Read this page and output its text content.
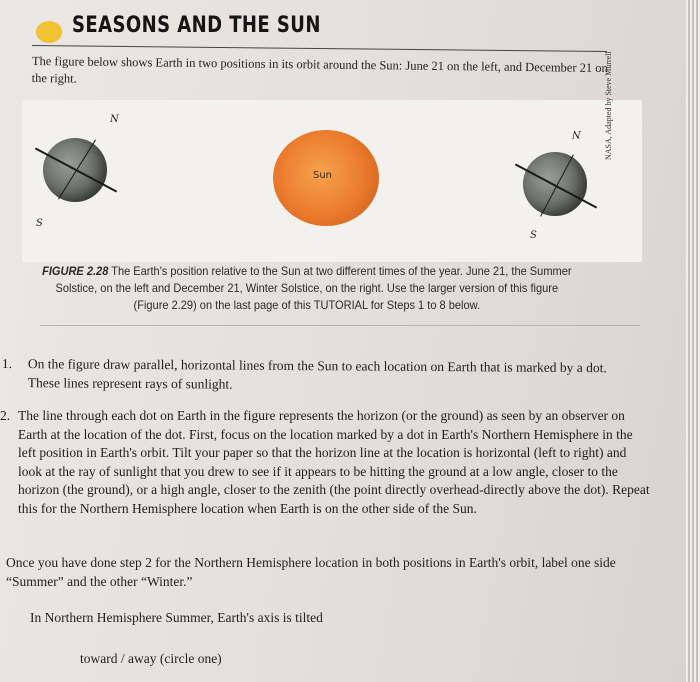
SEASONS AND THE SUN
The figure below shows Earth in two positions in its orbit around the Sun: June 21 on the left, and December 21 on the right.
N
S
Sun
N
S
NASA, Adapted by Steve Murrell
FIGURE 2.28 The Earth's position relative to the Sun at two different times of the year. June 21, the Summer Solstice, on the left and December 21, Winter Solstice, on the right. Use the larger version of this figure (Figure 2.29) on the last page of this TUTORIAL for Steps 1 to 8 below.
1.	On the figure draw parallel, horizontal lines from the Sun to each location on Earth that is marked by a dot. These lines represent rays of sunlight.
2. The line through each dot on Earth in the figure represents the horizon (or the ground) as seen by an observer on Earth at the location of the dot. First, focus on the location marked by a dot in Earth's Northern Hemisphere in the left position in Earth's orbit. Tilt your paper so that the horizon line at the location is horizontal (left to right) and look at the ray of sunlight that you drew to see if it appears to be hitting the ground at a low angle, closer to the horizon (the ground), or a high angle, closer to the zenith (the point directly overhead-directly above the dot). Repeat this for the Northern Hemisphere location when Earth is on the other side of the Sun.
Once you have done step 2 for the Northern Hemisphere location in both positions in Earth's orbit, label one side “Summer” and the other “Winter.”
In Northern Hemisphere Summer, Earth's axis is tilted
toward / away (circle one)
